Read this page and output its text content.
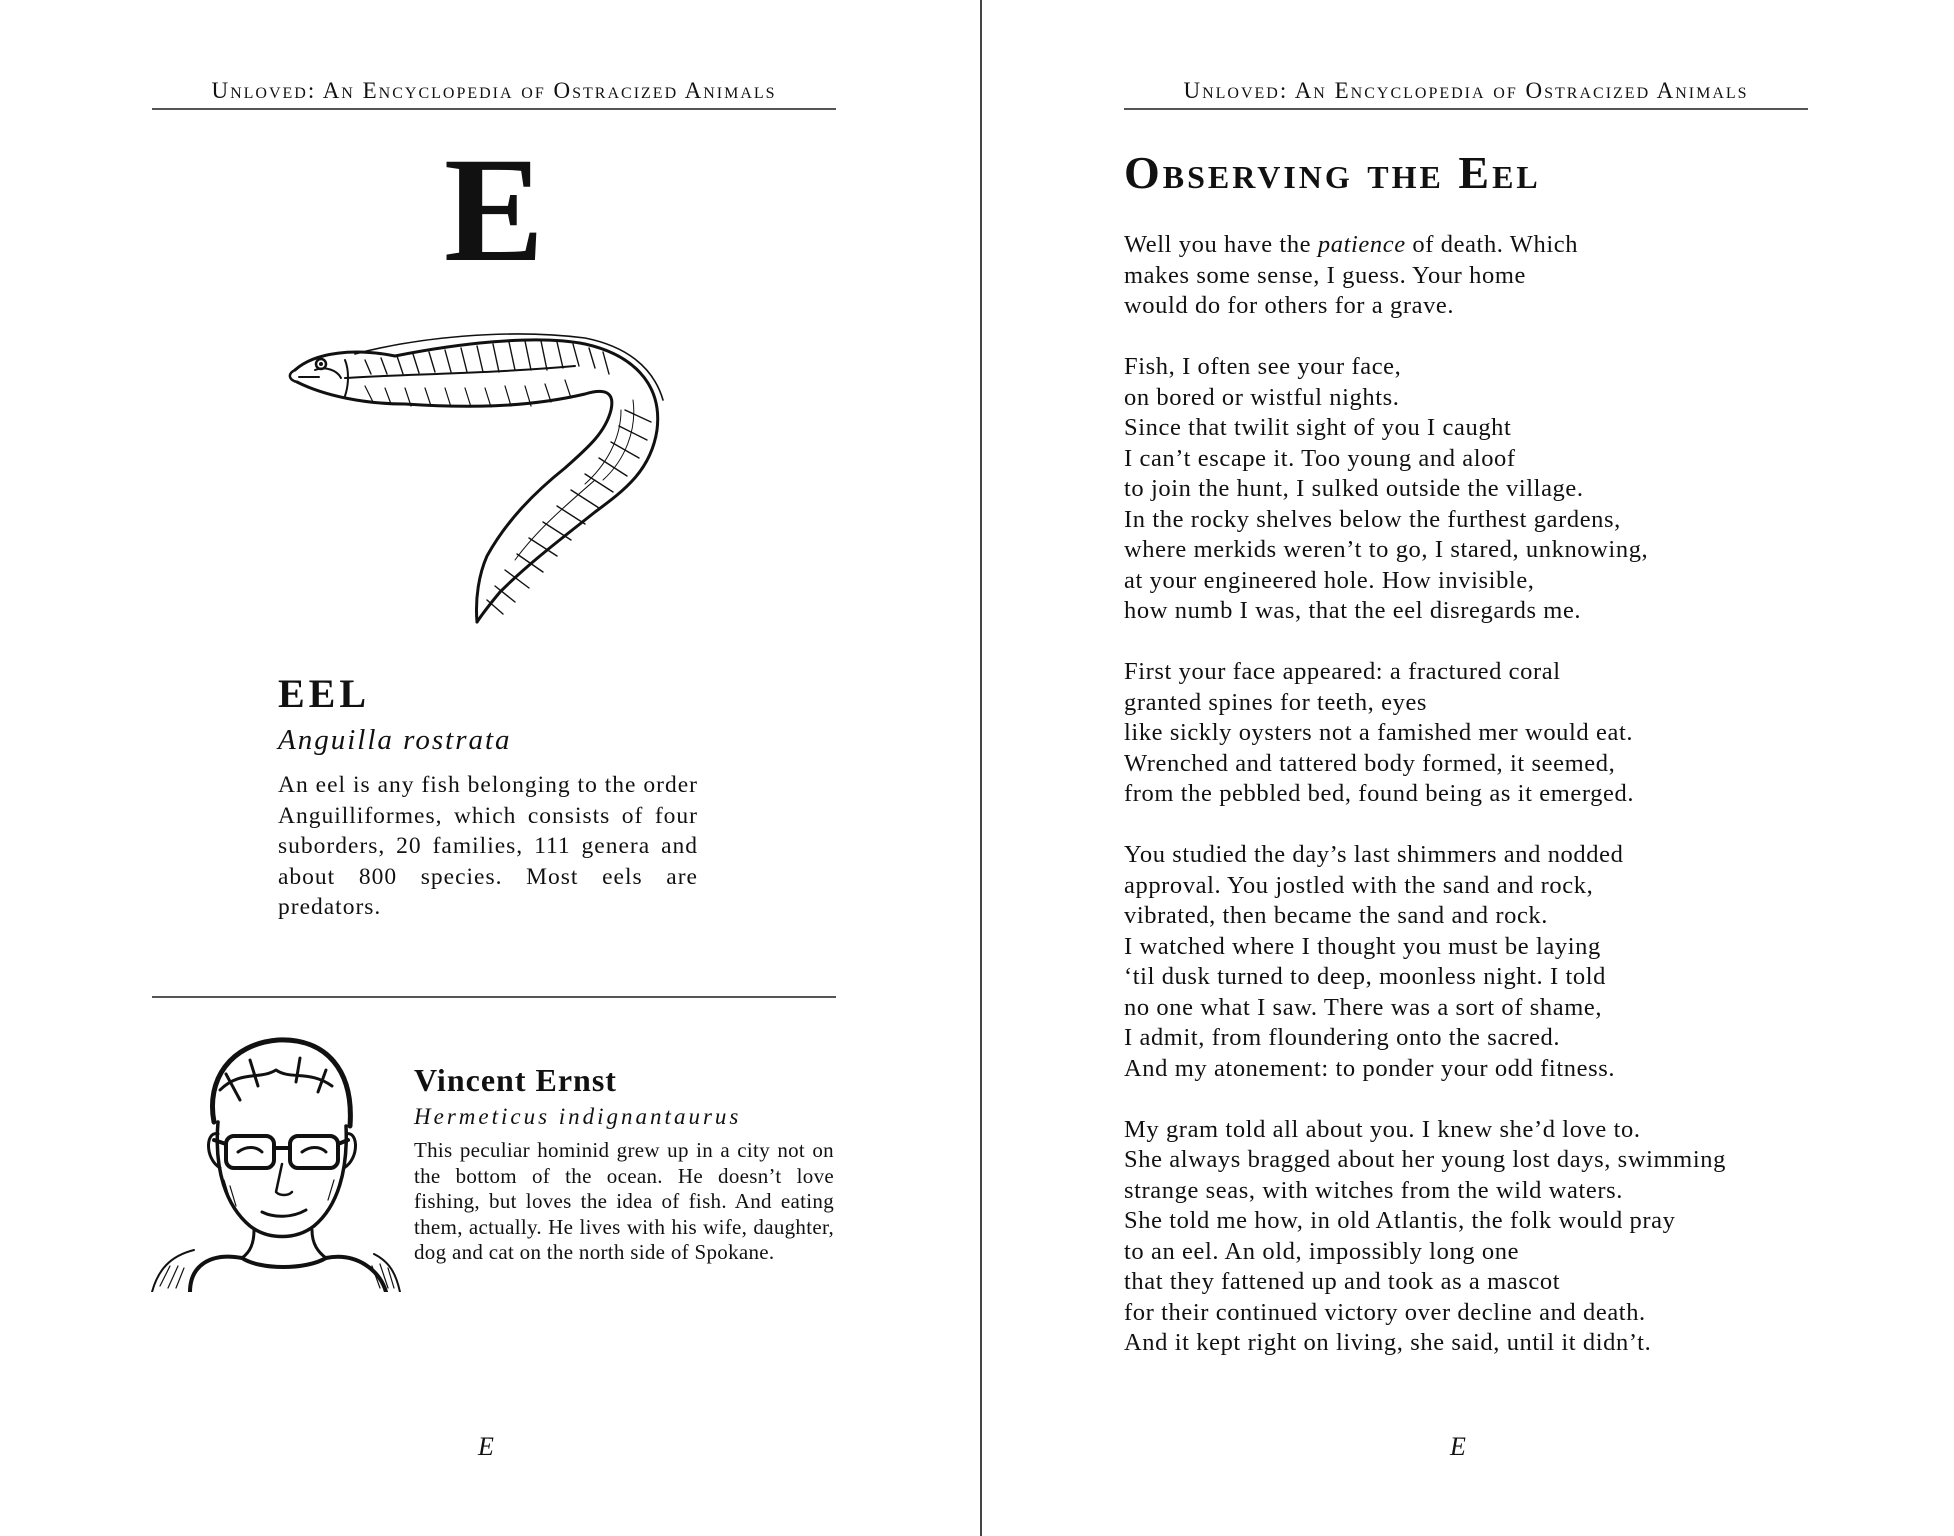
Unloved: An Encyclopedia of Ostracized Animals
E
EEL
Anguilla rostrata
An eel is any fish belonging to the order Anguilliformes, which consists of four suborders, 20 families, 111 genera and about 800 species. Most eels are predators.
Vincent Ernst
Hermeticus indignantaurus
This peculiar hominid grew up in a city not on the bottom of the ocean. He doesn’t love fishing, but loves the idea of fish. And eating them, actually. He lives with his wife, daughter, dog and cat on the north side of Spokane.
E
Unloved: An Encyclopedia of Ostracized Animals
Observing the Eel
Well you have the patience of death. Which
makes some sense, I guess. Your home
would do for others for a grave.
Fish, I often see your face,
on bored or wistful nights.
Since that twilit sight of you I caught
I can’t escape it. Too young and aloof
to join the hunt, I sulked outside the village.
In the rocky shelves below the furthest gardens,
where merkids weren’t to go, I stared, unknowing,
at your engineered hole. How invisible,
how numb I was, that the eel disregards me.
First your face appeared: a fractured coral
granted spines for teeth, eyes
like sickly oysters not a famished mer would eat.
Wrenched and tattered body formed, it seemed,
from the pebbled bed, found being as it emerged.
You studied the day’s last shimmers and nodded
approval. You jostled with the sand and rock,
vibrated, then became the sand and rock.
I watched where I thought you must be laying
‘til dusk turned to deep, moonless night. I told
no one what I saw. There was a sort of shame,
I admit, from floundering onto the sacred.
And my atonement: to ponder your odd fitness.
My gram told all about you. I knew she’d love to.
She always bragged about her young lost days, swimming
strange seas, with witches from the wild waters.
She told me how, in old Atlantis, the folk would pray
to an eel. An old, impossibly long one
that they fattened up and took as a mascot
for their continued victory over decline and death.
And it kept right on living, she said, until it didn’t.
E
